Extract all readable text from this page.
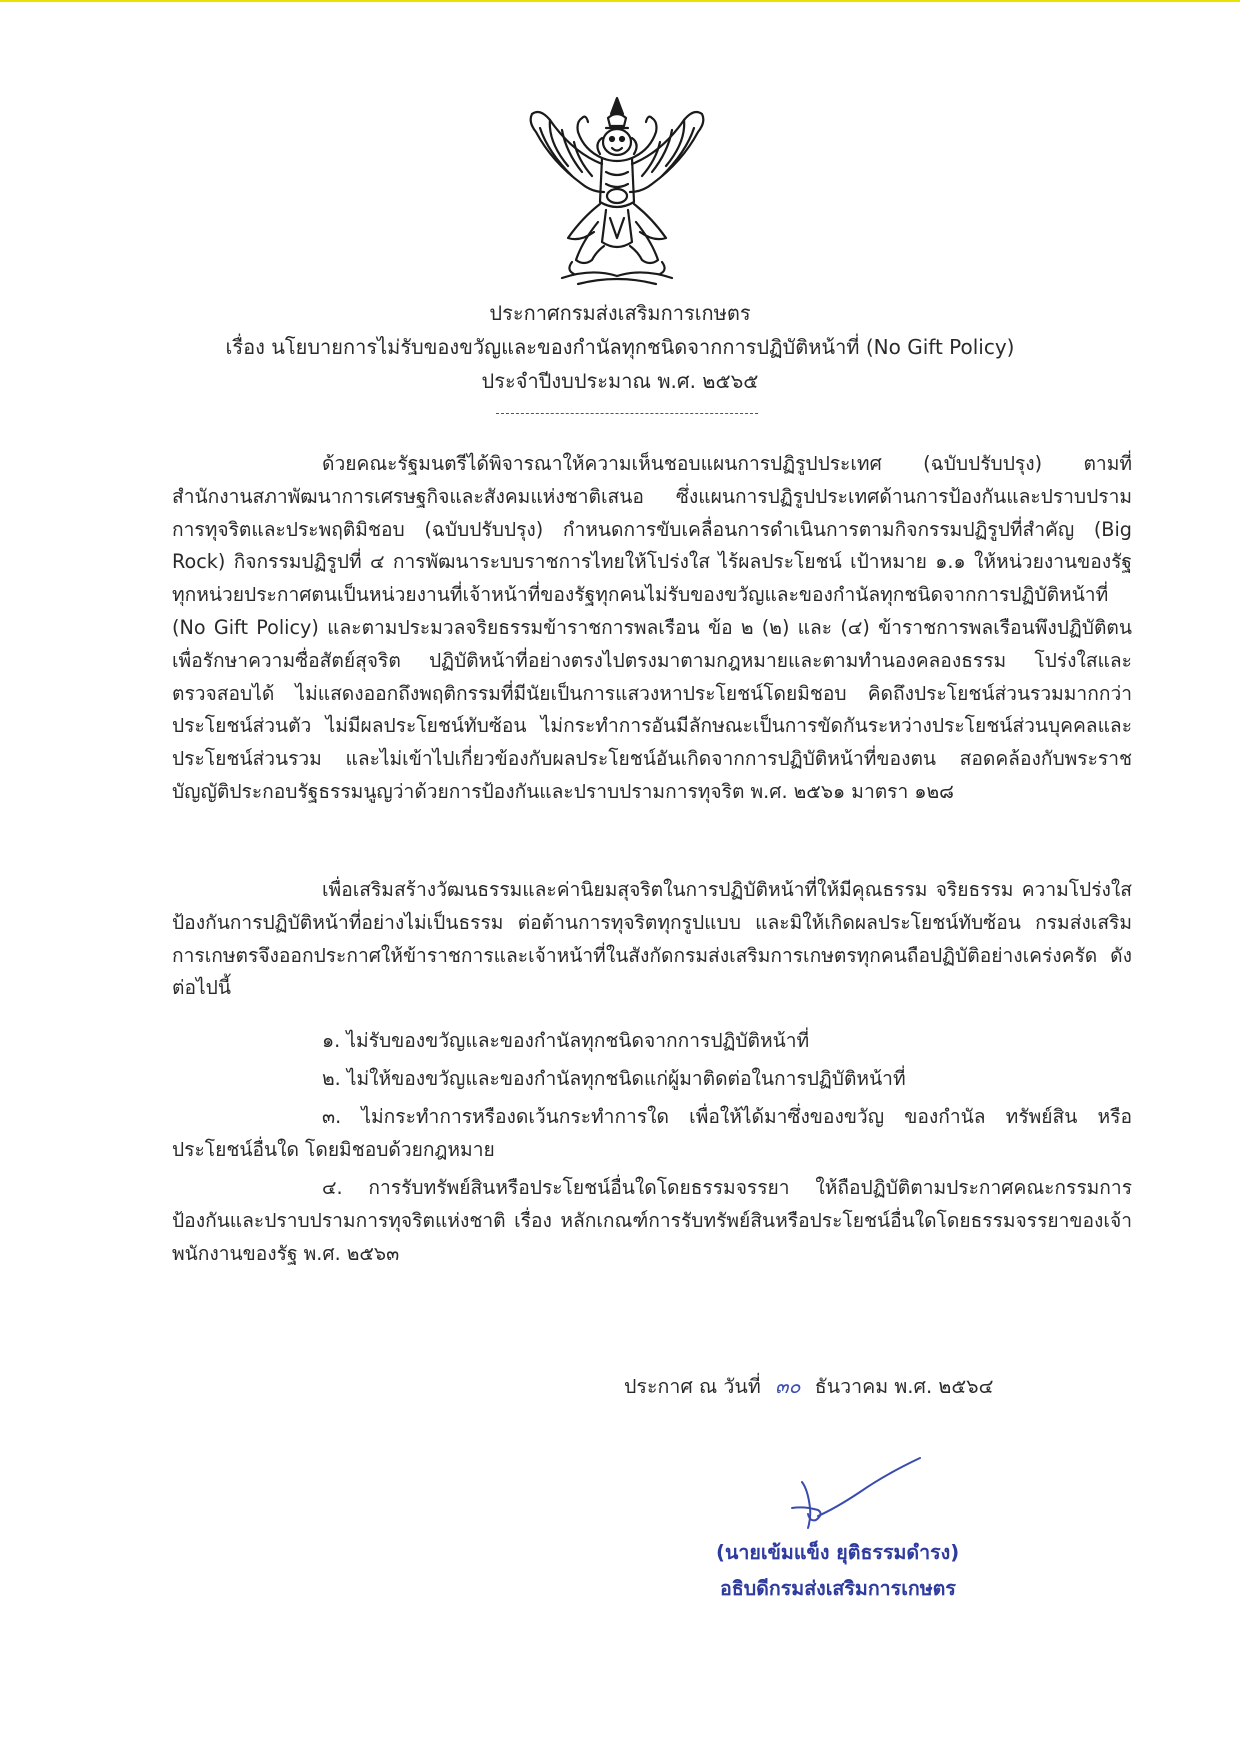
ประกาศกรมส่งเสริมการเกษตร
เรื่อง นโยบายการไม่รับของขวัญและของกำนัลทุกชนิดจากการปฏิบัติหน้าที่ (No Gift Policy)
ประจำปีงบประมาณ พ.ศ. ๒๕๖๕
ด้วยคณะรัฐมนตรีได้พิจารณาให้ความเห็นชอบแผนการปฏิรูปประเทศ (ฉบับปรับปรุง) ตามที่สำนักงานสภาพัฒนาการเศรษฐกิจและสังคมแห่งชาติเสนอ ซึ่งแผนการปฏิรูปประเทศด้านการป้องกันและปราบปรามการทุจริตและประพฤติมิชอบ (ฉบับปรับปรุง) กำหนดการขับเคลื่อนการดำเนินการตามกิจกรรมปฏิรูปที่สำคัญ (Big Rock) กิจกรรมปฏิรูปที่ ๔ การพัฒนาระบบราชการไทยให้โปร่งใส ไร้ผลประโยชน์ เป้าหมาย ๑.๑ ให้หน่วยงานของรัฐทุกหน่วยประกาศตนเป็นหน่วยงานที่เจ้าหน้าที่ของรัฐทุกคนไม่รับของขวัญและของกำนัลทุกชนิดจากการปฏิบัติหน้าที่ (No Gift Policy) และตามประมวลจริยธรรมข้าราชการพลเรือน ข้อ ๒ (๒) และ (๔) ข้าราชการพลเรือนพึงปฏิบัติตนเพื่อรักษาความซื่อสัตย์สุจริต ปฏิบัติหน้าที่อย่างตรงไปตรงมาตามกฎหมายและตามทำนองคลองธรรม โปร่งใสและตรวจสอบได้ ไม่แสดงออกถึงพฤติกรรมที่มีนัยเป็นการแสวงหาประโยชน์โดยมิชอบ คิดถึงประโยชน์ส่วนรวมมากกว่าประโยชน์ส่วนตัว ไม่มีผลประโยชน์ทับซ้อน ไม่กระทำการอันมีลักษณะเป็นการขัดกันระหว่างประโยชน์ส่วนบุคคลและประโยชน์ส่วนรวม และไม่เข้าไปเกี่ยวข้องกับผลประโยชน์อันเกิดจากการปฏิบัติหน้าที่ของตน สอดคล้องกับพระราชบัญญัติประกอบรัฐธรรมนูญว่าด้วยการป้องกันและปราบปรามการทุจริต พ.ศ. ๒๕๖๑ มาตรา ๑๒๘
เพื่อเสริมสร้างวัฒนธรรมและค่านิยมสุจริตในการปฏิบัติหน้าที่ให้มีคุณธรรม จริยธรรม ความโปร่งใส ป้องกันการปฏิบัติหน้าที่อย่างไม่เป็นธรรม ต่อต้านการทุจริตทุกรูปแบบ และมิให้เกิดผลประโยชน์ทับซ้อน กรมส่งเสริมการเกษตรจึงออกประกาศให้ข้าราชการและเจ้าหน้าที่ในสังกัดกรมส่งเสริมการเกษตรทุกคนถือปฏิบัติอย่างเคร่งครัด ดังต่อไปนี้
๑. ไม่รับของขวัญและของกำนัลทุกชนิดจากการปฏิบัติหน้าที่
๒. ไม่ให้ของขวัญและของกำนัลทุกชนิดแก่ผู้มาติดต่อในการปฏิบัติหน้าที่
๓. ไม่กระทำการหรืองดเว้นกระทำการใด เพื่อให้ได้มาซึ่งของขวัญ ของกำนัล ทรัพย์สิน หรือประโยชน์อื่นใด โดยมิชอบด้วยกฎหมาย
๔. การรับทรัพย์สินหรือประโยชน์อื่นใดโดยธรรมจรรยา ให้ถือปฏิบัติตามประกาศคณะกรรมการป้องกันและปราบปรามการทุจริตแห่งชาติ เรื่อง หลักเกณฑ์การรับทรัพย์สินหรือประโยชน์อื่นใดโดยธรรมจรรยาของเจ้าพนักงานของรัฐ พ.ศ. ๒๕๖๓
ประกาศ ณ วันที่ ๓๐ ธันวาคม พ.ศ. ๒๕๖๔
(นายเข้มแข็ง ยุติธรรมดำรง)
อธิบดีกรมส่งเสริมการเกษตร
